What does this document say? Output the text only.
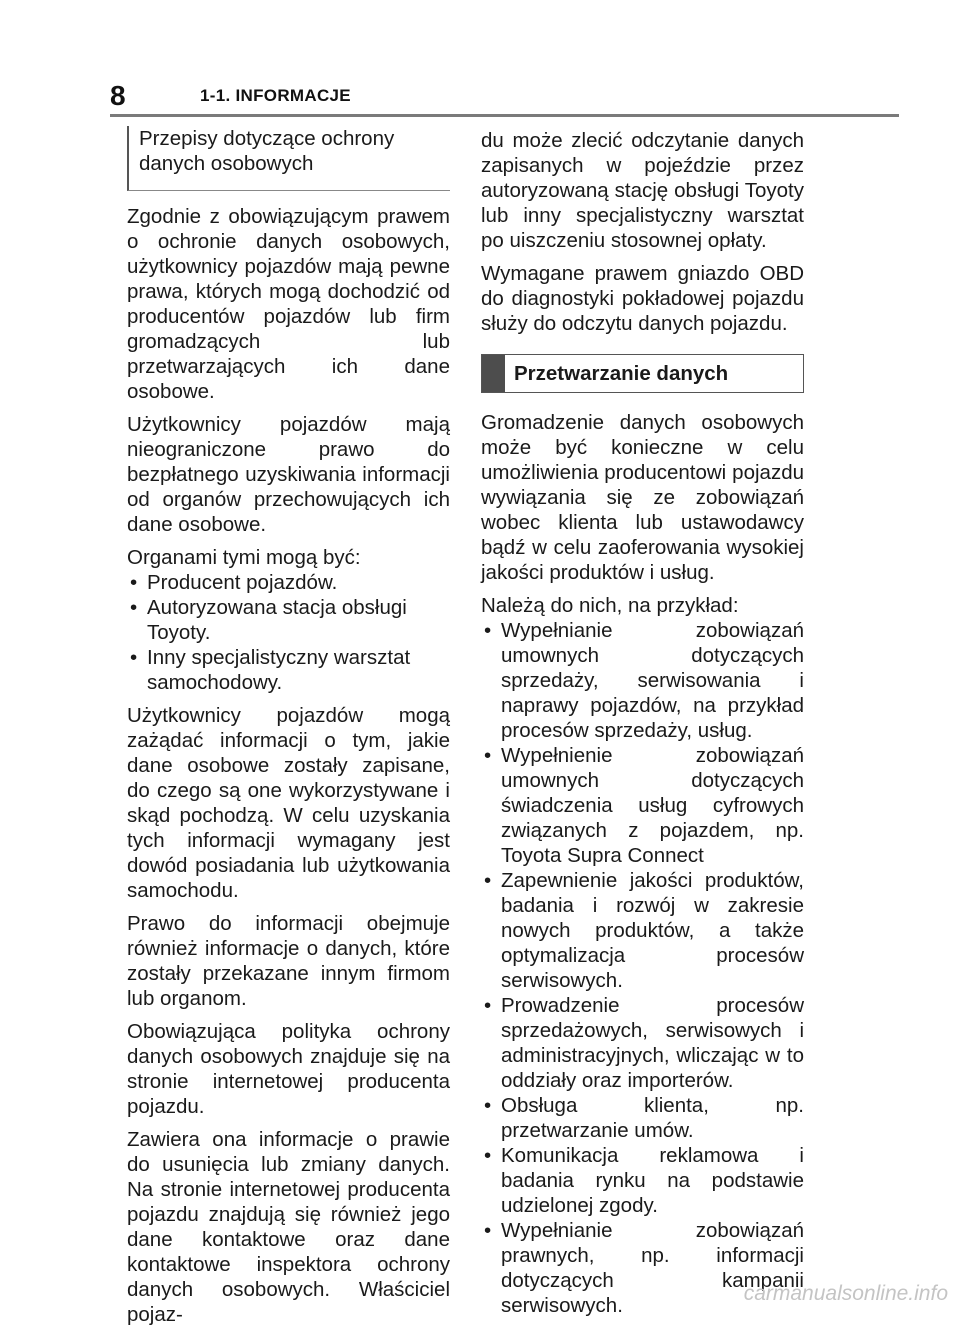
8	1-1. INFORMACJE
Przepisy dotyczące ochrony danych osobowych

Zgodnie z obowiązującym prawem o ochronie danych osobowych, użytkownicy pojazdów mają pewne prawa, których mogą dochodzić od producentów pojazdów lub firm gromadzących lub przetwarzających ich dane osobowe.

Użytkownicy pojazdów mają nieograniczone prawo do bezpłatnego uzyskiwania informacji od organów przechowujących ich dane osobowe.

Organami tymi mogą być:

• Producent pojazdów.
• Autoryzowana stacja obsługi Toyoty.
• Inny specjalistyczny warsztat samochodowy.

Użytkownicy pojazdów mogą zażądać informacji o tym, jakie dane osobowe zostały zapisane, do czego są one wykorzystywane i skąd pochodzą. W celu uzyskania tych informacji wymagany jest dowód posiadania lub użytkowania samochodu.

Prawo do informacji obejmuje również informacje o danych, które zostały przekazane innym firmom lub organom.

Obowiązująca polityka ochrony danych osobowych znajduje się na stronie internetowej producenta pojazdu.

Zawiera ona informacje o prawie do usunięcia lub zmiany danych. Na stronie internetowej producenta pojazdu znajdują się również jego dane kontaktowe oraz dane kontaktowe inspektora ochrony danych osobowych. Właściciel pojaz-

du może zlecić odczytanie danych zapisanych w pojeździe przez autoryzowaną stację obsługi Toyoty lub inny specjalistyczny warsztat po uiszczeniu stosownej opłaty.

Wymagane prawem gniazdo OBD do diagnostyki pokładowej pojazdu służy do odczytu danych pojazdu.

Przetwarzanie danych

Gromadzenie danych osobowych może być konieczne w celu umożliwienia producentowi pojazdu wywiązania się ze zobowiązań wobec klienta lub ustawodawcy bądź w celu zaoferowania wysokiej jakości produktów i usług.

Należą do nich, na przykład:

• Wypełnianie zobowiązań umownych dotyczących sprzedaży, serwisowania i naprawy pojazdów, na przykład procesów sprzedaży, usług.
• Wypełnienie zobowiązań umownych dotyczących świadczenia usług cyfrowych związanych z pojazdem, np. Toyota Supra Connect
• Zapewnienie jakości produktów, badania i rozwój w zakresie nowych produktów, a także optymalizacja procesów serwisowych.
• Prowadzenie procesów sprzedażowych, serwisowych i administracyjnych, wliczając w to oddziały oraz importerów.
• Obsługa klienta, np. przetwarzanie umów.
• Komunikacja reklamowa i badania rynku na podstawie udzielonej zgody.
• Wypełnianie zobowiązań prawnych, np. informacji dotyczących kampanii serwisowych.
carmanualsonline.info
